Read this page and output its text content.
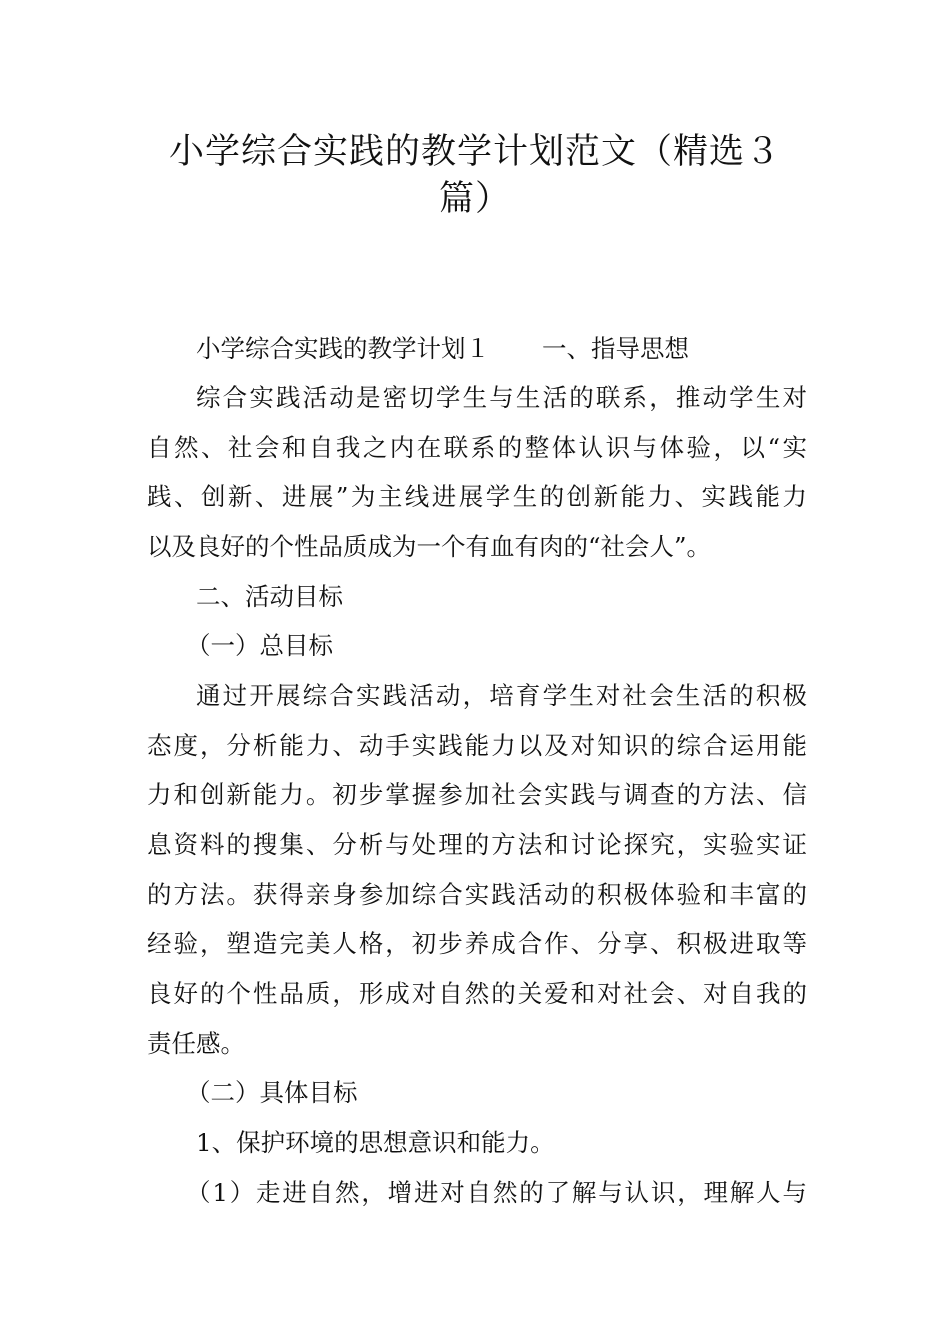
小学综合实践的教学计划范文（精选３
篇）
小学综合实践的教学计划１ 一、指导思想
综合实践活动是密切学生与生活的联系，推动学生对
自然、社会和自我之内在联系的整体认识与体验，以“实
践、创新、进展”为主线进展学生的创新能力、实践能力
以及良好的个性品质成为一个有血有肉的“社会人”。
二、活动目标
（一）总目标
通过开展综合实践活动，培育学生对社会生活的积极
态度，分析能力、动手实践能力以及对知识的综合运用能
力和创新能力。初步掌握参加社会实践与调查的方法、信
息资料的搜集、分析与处理的方法和讨论探究，实验实证
的方法。获得亲身参加综合实践活动的积极体验和丰富的
经验，塑造完美人格，初步养成合作、分享、积极进取等
良好的个性品质，形成对自然的关爱和对社会、对自我的
责任感。
（二）具体目标
1、保护环境的思想意识和能力。
（1）走进自然，增进对自然的了解与认识，理解人与
